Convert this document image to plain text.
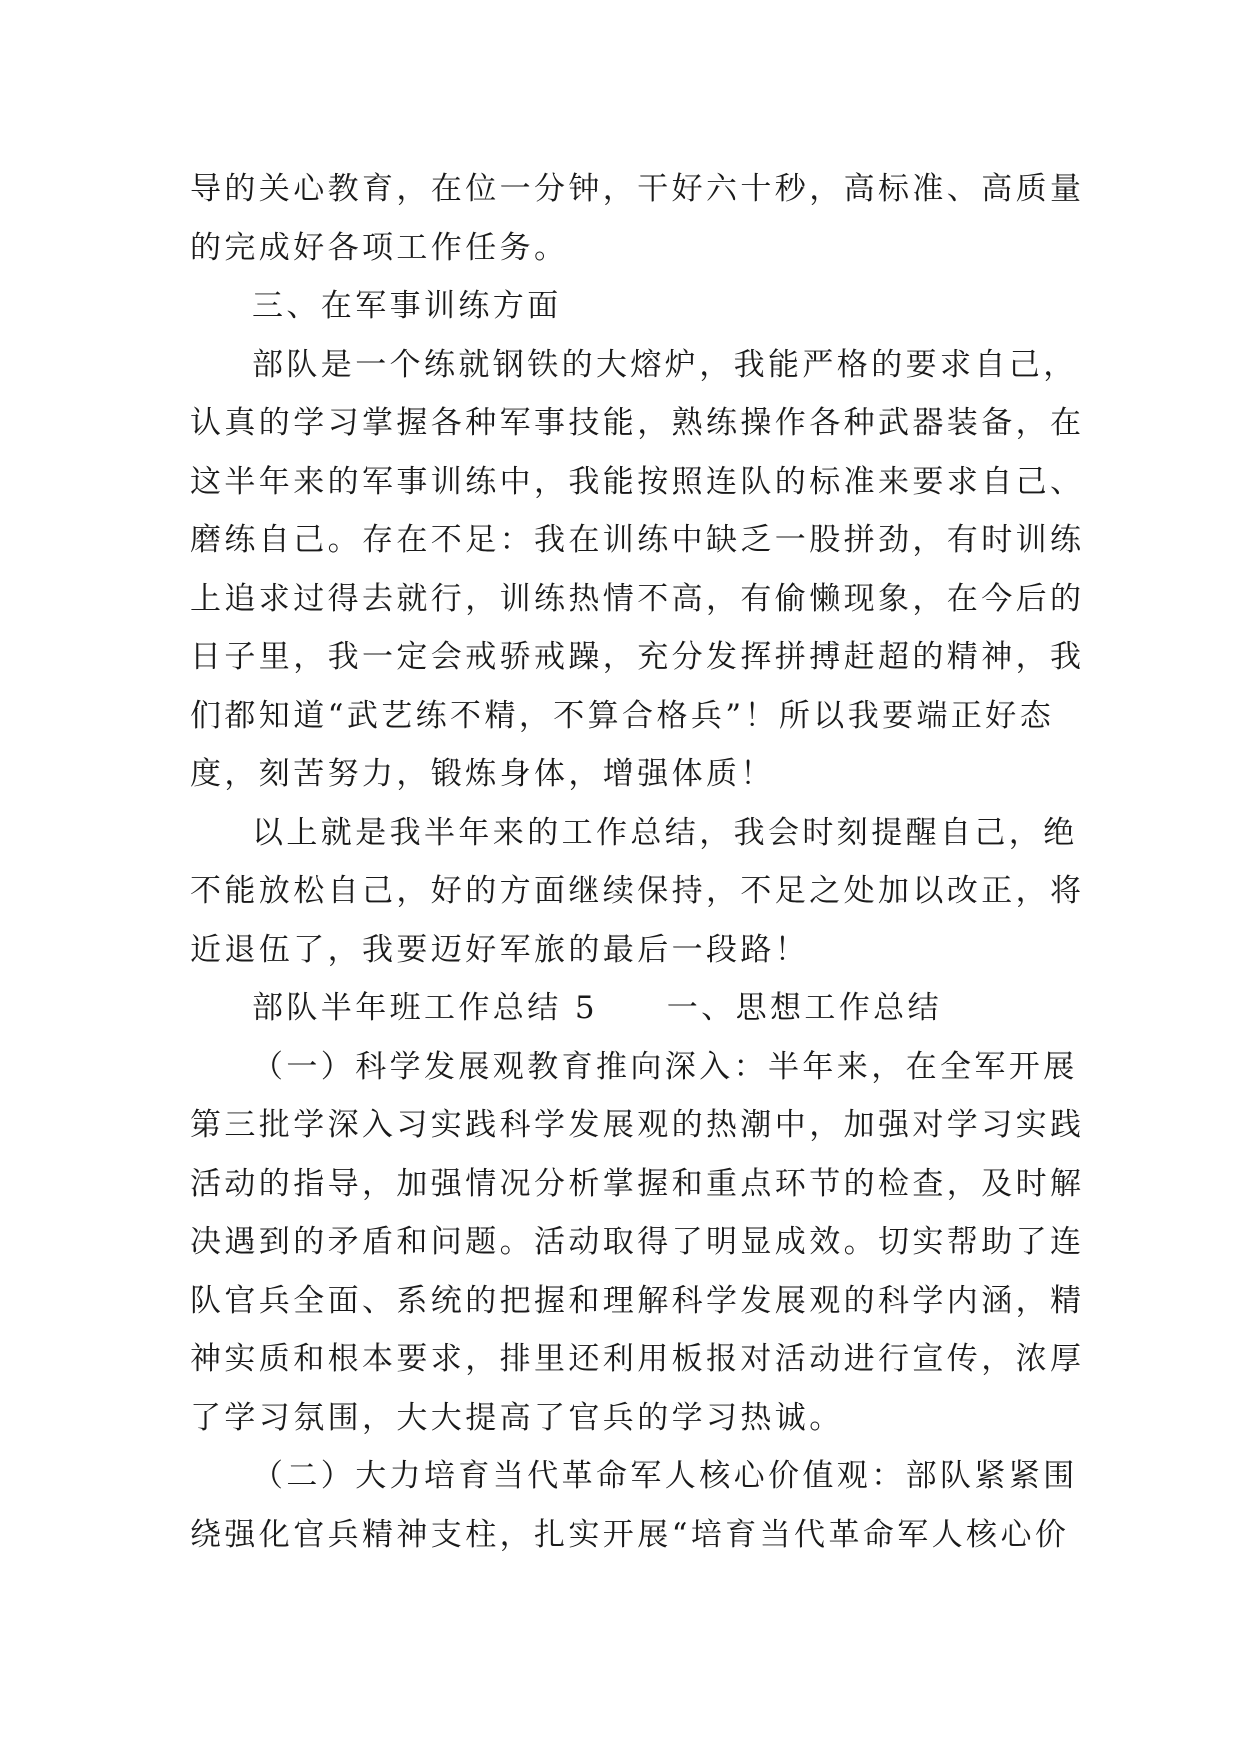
导的关心教育，在位一分钟，干好六十秒，高标准、高质量
的完成好各项工作任务。
三、在军事训练方面
部队是一个练就钢铁的大熔炉，我能严格的要求自己，
认真的学习掌握各种军事技能，熟练操作各种武器装备，在
这半年来的军事训练中，我能按照连队的标准来要求自己、
磨练自己。存在不足：我在训练中缺乏一股拼劲，有时训练
上追求过得去就行，训练热情不高，有偷懒现象，在今后的
日子里，我一定会戒骄戒躁，充分发挥拼搏赶超的精神，我
们都知道“武艺练不精，不算合格兵”！所以我要端正好态
度，刻苦努力，锻炼身体，增强体质！
以上就是我半年来的工作总结，我会时刻提醒自己，绝
不能放松自己，好的方面继续保持，不足之处加以改正，将
近退伍了，我要迈好军旅的最后一段路！
部队半年班工作总结 5　　一、思想工作总结
（一）科学发展观教育推向深入：半年来，在全军开展
第三批学深入习实践科学发展观的热潮中，加强对学习实践
活动的指导，加强情况分析掌握和重点环节的检查，及时解
决遇到的矛盾和问题。活动取得了明显成效。切实帮助了连
队官兵全面、系统的把握和理解科学发展观的科学内涵，精
神实质和根本要求，排里还利用板报对活动进行宣传，浓厚
了学习氛围，大大提高了官兵的学习热诚。
（二）大力培育当代革命军人核心价值观：部队紧紧围
绕强化官兵精神支柱，扎实开展“培育当代革命军人核心价
